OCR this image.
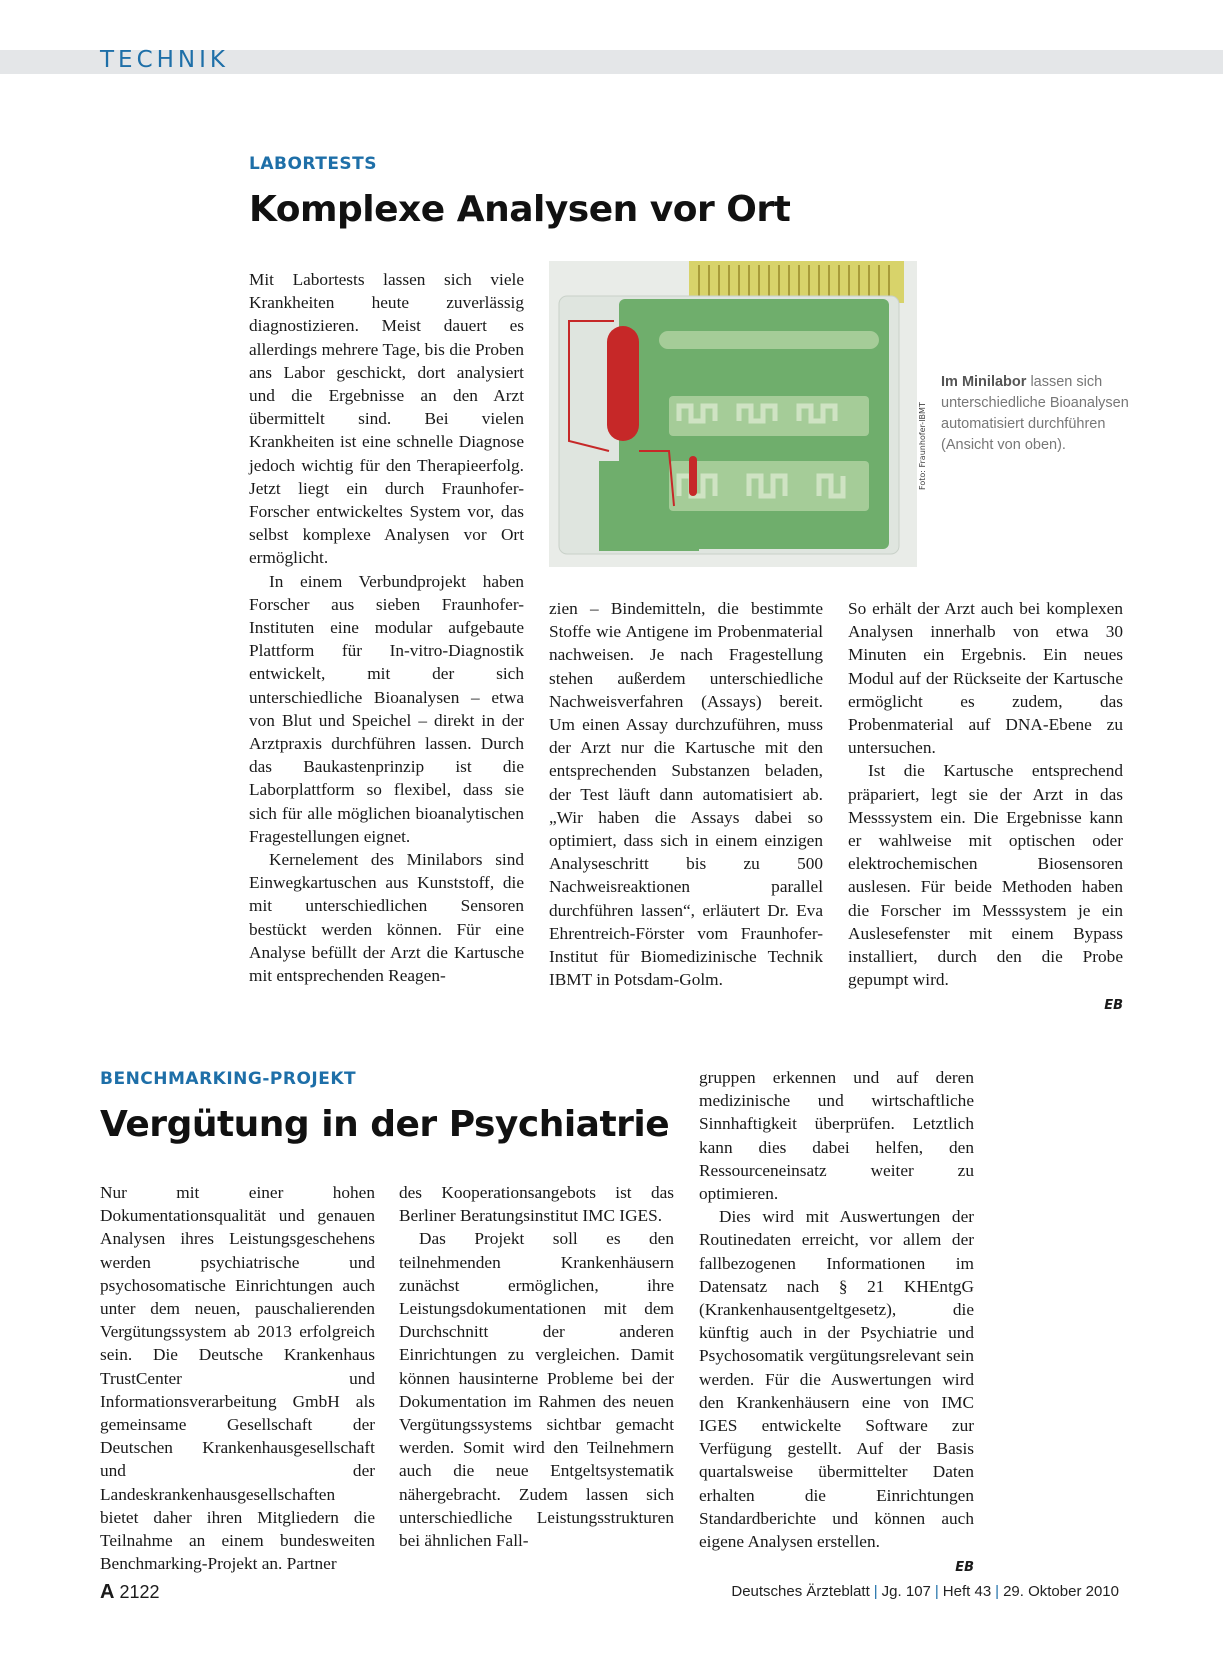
TECHNIK
LABORTESTS
Komplexe Analysen vor Ort

Mit Labortests lassen sich viele Krankheiten heute zuverlässig diagnostizieren. Meist dauert es allerdings mehrere Tage, bis die Proben ans Labor geschickt, dort analysiert und die Ergebnisse an den Arzt übermittelt sind. Bei vielen Krankheiten ist eine schnelle Diagnose jedoch wichtig für den Therapieerfolg. Jetzt liegt ein durch Fraunhofer-Forscher entwickeltes System vor, das selbst komplexe Analysen vor Ort ermöglicht.

In einem Verbundprojekt haben Forscher aus sieben Fraunhofer-Instituten eine modular aufgebaute Plattform für In-vitro-Diagnostik entwickelt, mit der sich unterschiedliche Bioanalysen – etwa von Blut und Speichel – direkt in der Arztpraxis durchführen lassen. Durch das Baukastenprinzip ist die Laborplattform so flexibel, dass sie sich für alle möglichen bioanalytischen Fragestellungen eignet.

Kernelement des Minilabors sind Einwegkartuschen aus Kunststoff, die mit unterschiedlichen Sensoren bestückt werden können. Für eine Analyse befüllt der Arzt die Kartusche mit entsprechenden Reagen-

Foto: Fraunhofer-IBMT
Im Minilabor lassen sich unterschiedliche Bioanalysen automatisiert durchführen (Ansicht von oben).

zien – Bindemitteln, die bestimmte Stoffe wie Antigene im Probenmaterial nachweisen. Je nach Fragestellung stehen außerdem unterschiedliche Nachweisverfahren (Assays) bereit. Um einen Assay durchzuführen, muss der Arzt nur die Kartusche mit den entsprechenden Substanzen beladen, der Test läuft dann automatisiert ab. „Wir haben die Assays dabei so optimiert, dass sich in einem einzigen Analyseschritt bis zu 500 Nachweisreaktionen parallel durchführen lassen“, erläutert Dr. Eva Ehrentreich-Förster vom Fraunhofer-Institut für Biomedizinische Technik IBMT in Potsdam-Golm.

So erhält der Arzt auch bei komplexen Analysen innerhalb von etwa 30 Minuten ein Ergebnis. Ein neues Modul auf der Rückseite der Kartusche ermöglicht es zudem, das Probenmaterial auf DNA-Ebene zu untersuchen.

Ist die Kartusche entsprechend präpariert, legt sie der Arzt in das Messsystem ein. Die Ergebnisse kann er wahlweise mit optischen oder elektrochemischen Biosensoren auslesen. Für beide Methoden haben die Forscher im Messsystem je ein Auslesefenster mit einem Bypass installiert, durch den die Probe gepumpt wird.

EB
BENCHMARKING-PROJEKT
Vergütung in der Psychiatrie

Nur mit einer hohen Dokumentationsqualität und genauen Analysen ihres Leistungsgeschehens werden psychiatrische und psychosomatische Einrichtungen auch unter dem neuen, pauschalierenden Vergütungssystem ab 2013 erfolgreich sein. Die Deutsche Krankenhaus TrustCenter und Informationsverarbeitung GmbH als gemeinsame Gesellschaft der Deutschen Krankenhausgesellschaft und der Landeskrankenhausgesellschaften bietet daher ihren Mitgliedern die Teilnahme an einem bundesweiten Benchmarking-Projekt an. Partner

des Kooperationsangebots ist das Berliner Beratungsinstitut IMC IGES.

Das Projekt soll es den teilnehmenden Krankenhäusern zunächst ermöglichen, ihre Leistungsdokumentationen mit dem Durchschnitt der anderen Einrichtungen zu vergleichen. Damit können hausinterne Probleme bei der Dokumentation im Rahmen des neuen Vergütungssystems sichtbar gemacht werden. Somit wird den Teilnehmern auch die neue Entgeltsystematik nähergebracht. Zudem lassen sich unterschiedliche Leistungsstrukturen bei ähnlichen Fall-

gruppen erkennen und auf deren medizinische und wirtschaftliche Sinnhaftigkeit überprüfen. Letztlich kann dies dabei helfen, den Ressourceneinsatz weiter zu optimieren.

Dies wird mit Auswertungen der Routinedaten erreicht, vor allem der fallbezogenen Informationen im Datensatz nach § 21 KHEntgG (Krankenhausentgeltgesetz), die künftig auch in der Psychiatrie und Psychosomatik vergütungsrelevant sein werden. Für die Auswertungen wird den Krankenhäusern eine von IMC IGES entwickelte Software zur Verfügung gestellt. Auf der Basis quartalsweise übermittelter Daten erhalten die Einrichtungen Standardberichte und können auch eigene Analysen erstellen.

EB
A 2122	Deutsches Ärzteblatt | Jg. 107 | Heft 43 | 29. Oktober 2010
